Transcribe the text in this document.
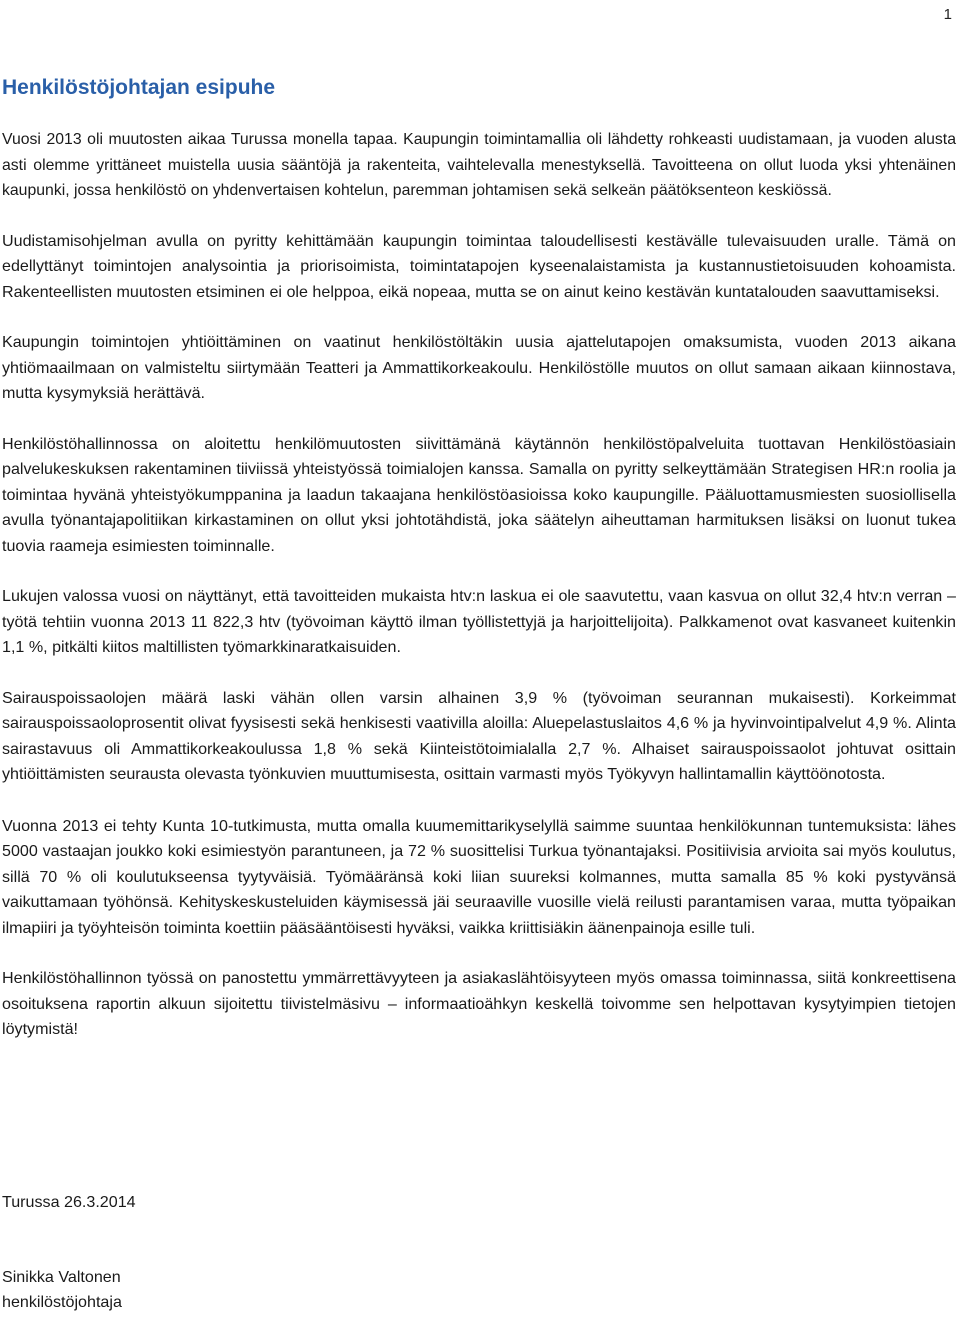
1
Henkilöstöjohtajan esipuhe

Vuosi 2013 oli muutosten aikaa Turussa monella tapaa. Kaupungin toimintamallia oli lähdetty rohkeasti uudistamaan, ja vuoden alusta asti olemme yrittäneet muistella uusia sääntöjä ja rakenteita, vaihtelevalla menestyksellä. Tavoitteena on ollut luoda yksi yhtenäinen kaupunki, jossa henkilöstö on yhdenvertaisen kohtelun, paremman johtamisen sekä selkeän päätöksenteon keskiössä.

Uudistamisohjelman avulla on pyritty kehittämään kaupungin toimintaa taloudellisesti kestävälle tulevaisuuden uralle. Tämä on edellyttänyt toimintojen analysointia ja priorisoimista, toimintatapojen kyseenalaistamista ja kustannustietoisuuden kohoamista. Rakenteellisten muutosten etsiminen ei ole helppoa, eikä nopeaa, mutta se on ainut keino kestävän kuntatalouden saavuttamiseksi.

Kaupungin toimintojen yhtiöittäminen on vaatinut henkilöstöltäkin uusia ajattelutapojen omaksumista, vuoden 2013 aikana yhtiömaailmaan on valmisteltu siirtymään Teatteri ja Ammattikorkeakoulu. Henkilöstölle muutos on ollut samaan aikaan kiinnostava, mutta kysymyksiä herättävä.

Henkilöstöhallinnossa on aloitettu henkilömuutosten siivittämänä käytännön henkilöstöpalveluita tuottavan Henkilöstöasiain palvelukeskuksen rakentaminen tiiviissä yhteistyössä toimialojen kanssa. Samalla on pyritty selkeyttämään Strategisen HR:n roolia ja toimintaa hyvänä yhteistyökumppanina ja laadun takaajana henkilöstöasioissa koko kaupungille. Pääluottamusmiesten suosiollisella avulla työnantajapolitiikan kirkastaminen on ollut yksi johtotähdistä, joka säätelyn aiheuttaman harmituksen lisäksi on luonut tukea tuovia raameja esimiesten toiminnalle.

Lukujen valossa vuosi on näyttänyt, että tavoitteiden mukaista htv:n laskua ei ole saavutettu, vaan kasvua on ollut 32,4 htv:n verran – työtä tehtiin vuonna 2013 11 822,3 htv (työvoiman käyttö ilman työllistettyjä ja harjoittelijoita). Palkkamenot ovat kasvaneet kuitenkin 1,1 %, pitkälti kiitos maltillisten työmarkkinaratkaisuiden.

Sairauspoissaolojen määrä laski vähän ollen varsin alhainen 3,9 % (työvoiman seurannan mukaisesti). Korkeimmat sairauspoissaoloprosentit olivat fyysisesti sekä henkisesti vaativilla aloilla: Aluepelastuslaitos 4,6 % ja hyvinvointipalvelut 4,9 %. Alinta sairastavuus oli Ammattikorkeakoulussa 1,8 % sekä Kiinteistötoimialalla 2,7 %. Alhaiset sairauspoissaolot johtuvat osittain yhtiöittämisten seurausta olevasta työnkuvien muuttumisesta, osittain varmasti myös Työkyvyn hallintamallin käyttöönotosta.

Vuonna 2013 ei tehty Kunta 10-tutkimusta, mutta omalla kuumemittarikyselyllä saimme suuntaa henkilökunnan tuntemuksista: lähes 5000 vastaajan joukko koki esimiestyön parantuneen, ja 72 % suosittelisi Turkua työnantajaksi. Positiivisia arvioita sai myös koulutus, sillä 70 % oli koulutukseensa tyytyväisiä. Työmääränsä koki liian suureksi kolmannes, mutta samalla 85 % koki pystyvänsä vaikuttamaan työhönsä. Kehityskeskusteluiden käymisessä jäi seuraaville vuosille vielä reilusti parantamisen varaa, mutta työpaikan ilmapiiri ja työyhteisön toiminta koettiin pääsääntöisesti hyväksi, vaikka kriittisiäkin äänenpainoja esille tuli.

Henkilöstöhallinnon työssä on panostettu ymmärrettävyyteen ja asiakaslähtöisyyteen myös omassa toiminnassa, siitä konkreettisena osoituksena raportin alkuun sijoitettu tiivistelmäsivu – informaatioähkyn keskellä toivomme sen helpottavan kysytyimpien tietojen löytymistä!

Turussa 26.3.2014
Sinikka Valtonen
henkilöstöjohtaja
